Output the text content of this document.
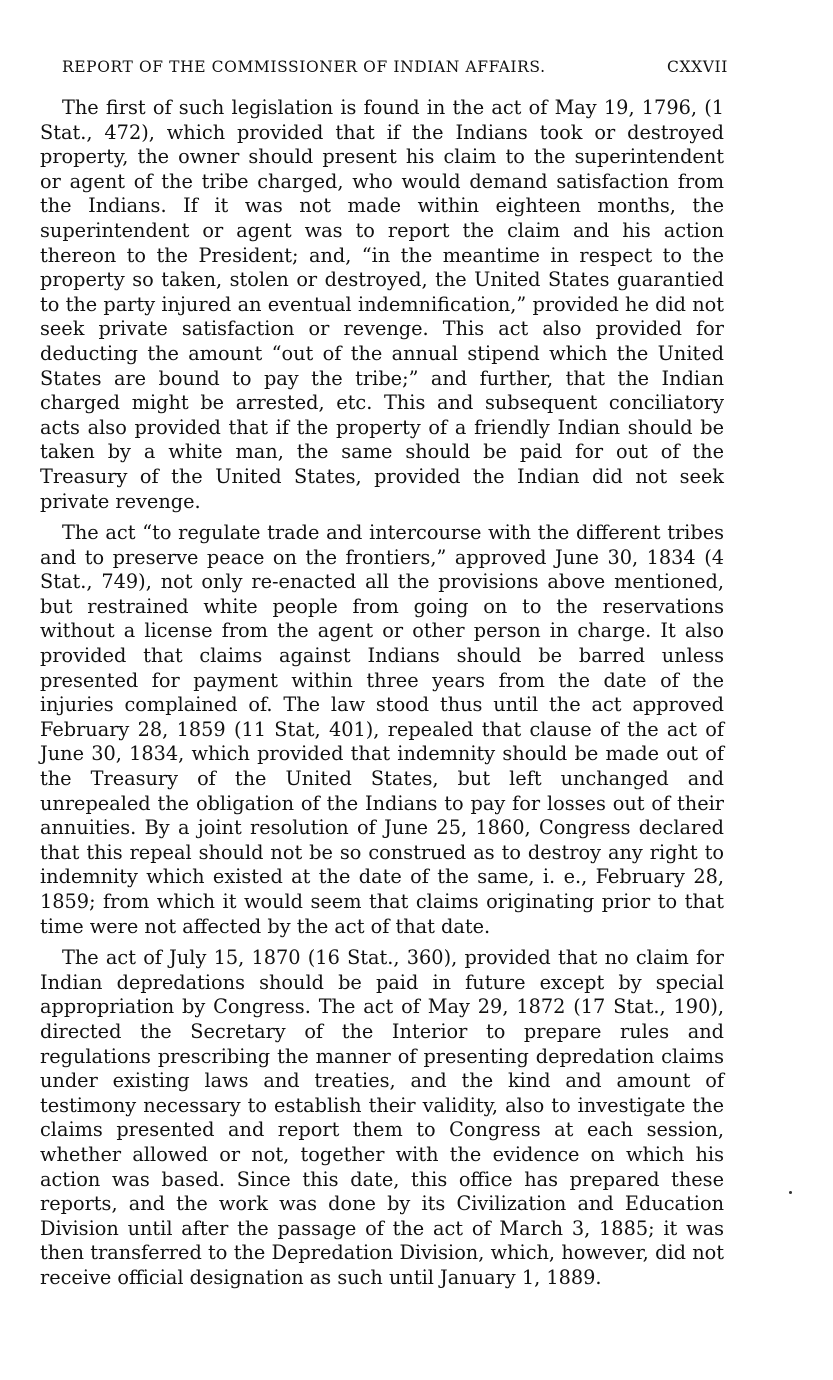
REPORT OF THE COMMISSIONER OF INDIAN AFFAIRS.	CXXVII

The first of such legislation is found in the act of May 19, 1796, (1 Stat., 472), which provided that if the Indians took or destroyed property, the owner should present his claim to the superintendent or agent of the tribe charged, who would demand satisfaction from the Indians. If it was not made within eighteen months, the superintendent or agent was to report the claim and his action thereon to the President; and, “in the meantime in respect to the property so taken, stolen or destroyed, the United States guarantied to the party injured an eventual indemnification,” provided he did not seek private satisfaction or revenge. This act also provided for deducting the amount “out of the annual stipend which the United States are bound to pay the tribe;” and further, that the Indian charged might be arrested, etc. This and subsequent conciliatory acts also provided that if the property of a friendly Indian should be taken by a white man, the same should be paid for out of the Treasury of the United States, provided the Indian did not seek private revenge.

The act “to regulate trade and intercourse with the different tribes and to preserve peace on the frontiers,” approved June 30, 1834 (4 Stat., 749), not only re-enacted all the provisions above mentioned, but restrained white people from going on to the reservations without a license from the agent or other person in charge. It also provided that claims against Indians should be barred unless presented for payment within three years from the date of the injuries complained of. The law stood thus until the act approved February 28, 1859 (11 Stat, 401), repealed that clause of the act of June 30, 1834, which provided that indemnity should be made out of the Treasury of the United States, but left unchanged and unrepealed the obligation of the Indians to pay for losses out of their annuities. By a joint resolution of June 25, 1860, Congress declared that this repeal should not be so construed as to destroy any right to indemnity which existed at the date of the same, i. e., February 28, 1859; from which it would seem that claims originating prior to that time were not affected by the act of that date.

The act of July 15, 1870 (16 Stat., 360), provided that no claim for Indian depredations should be paid in future except by special appropriation by Congress. The act of May 29, 1872 (17 Stat., 190), directed the Secretary of the Interior to prepare rules and regulations prescribing the manner of presenting depredation claims under existing laws and treaties, and the kind and amount of testimony necessary to establish their validity, also to investigate the claims presented and report them to Congress at each session, whether allowed or not, together with the evidence on which his action was based. Since this date, this office has prepared these reports, and the work was done by its Civilization and Education Division until after the passage of the act of March 3, 1885; it was then transferred to the Depredation Division, which, however, did not receive official designation as such until January 1, 1889.
